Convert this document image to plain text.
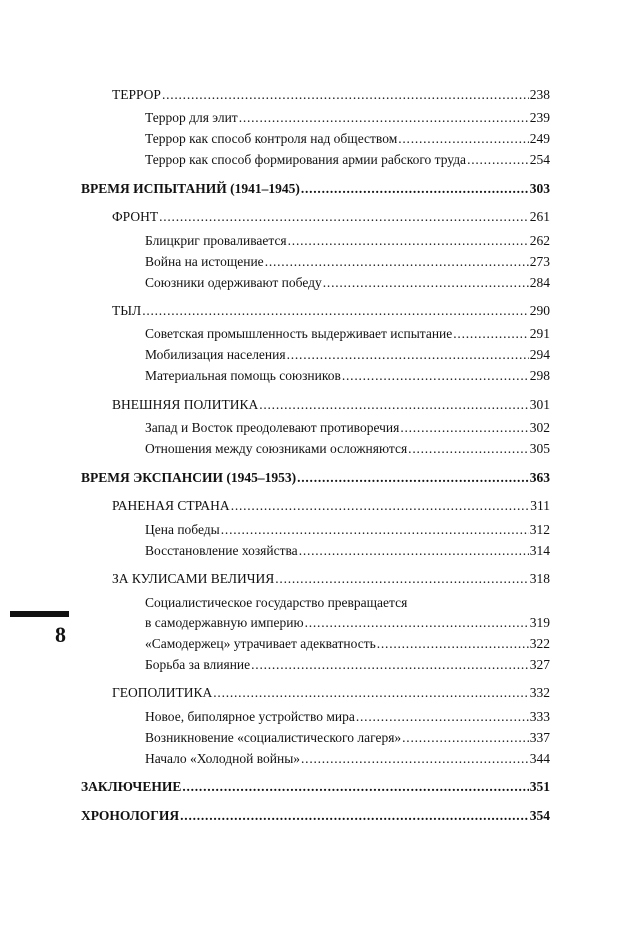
ТЕРРОР . . .	238
Террор для элит . . .	239
Террор как способ контроля над обществом . . .	249
Террор как способ формирования армии рабского труда . . .	254
ВРЕМЯ ИСПЫТАНИЙ (1941–1945) . . .	303
ФРОНТ . . .	261
Блицкриг проваливается . . .	262
Война на истощение . . .	273
Союзники одерживают победу . . .	284
ТЫЛ . . .	290
Советская промышленность выдерживает испытание . . .	291
Мобилизация населения . . .	294
Материальная помощь союзников . . .	298
ВНЕШНЯЯ ПОЛИТИКА . . .	301
Запад и Восток преодолевают противоречия . . .	302
Отношения между союзниками осложняются . . .	305
ВРЕМЯ ЭКСПАНСИИ (1945–1953) . . .	363
РАНЕНАЯ СТРАНА . . .	311
Цена победы . . .	312
Восстановление хозяйства . . .	314
ЗА КУЛИСАМИ ВЕЛИЧИЯ . . .	318
Социалистическое государство превращается
в самодержавную империю . . .	319
«Самодержец» утрачивает адекватность . . .	322
Борьба за влияние . . .	327
ГЕОПОЛИТИКА . . .	332
Новое, биполярное устройство мира . . .	333
Возникновение «социалистического лагеря» . . .	337
Начало «Холодной войны» . . .	344
ЗАКЛЮЧЕНИЕ . . .	351
ХРОНОЛОГИЯ . . .	354
8
